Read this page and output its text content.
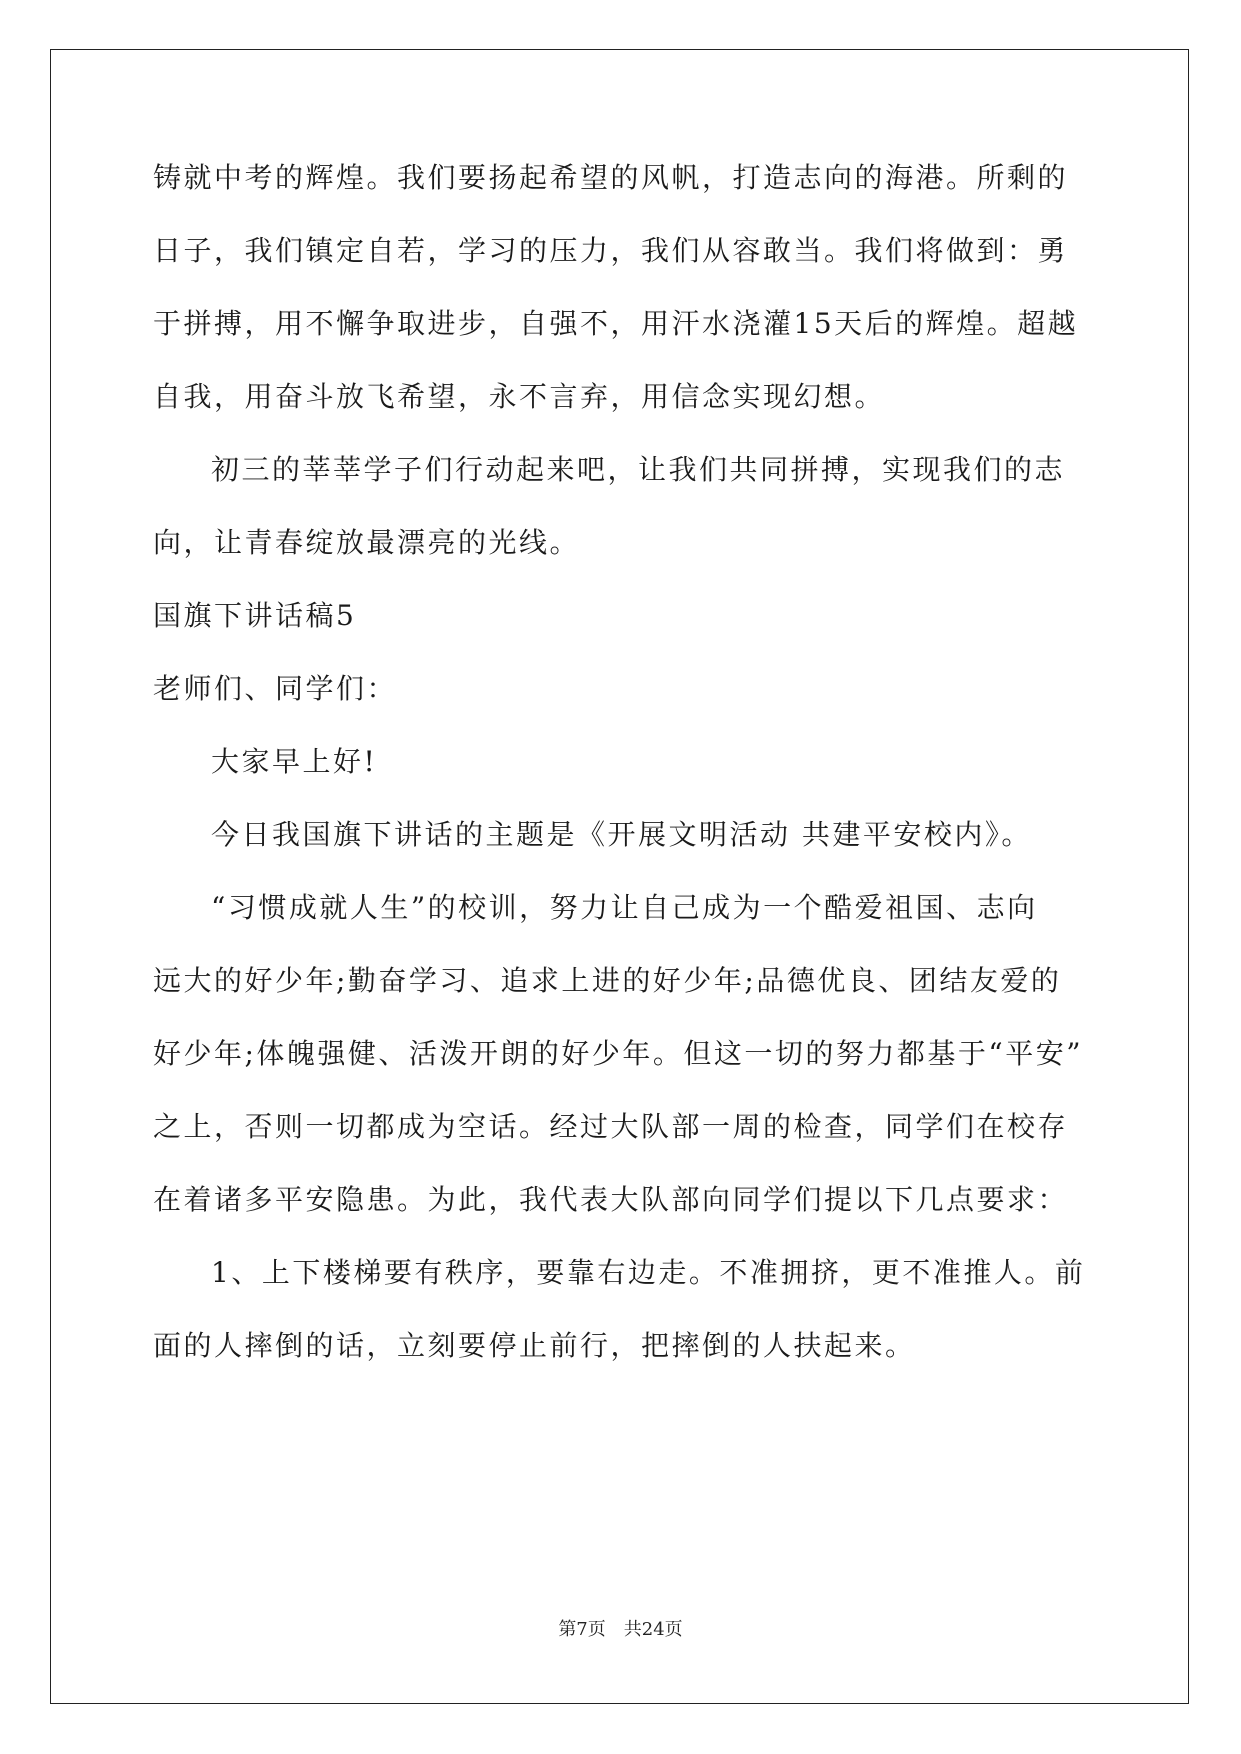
铸就中考的辉煌。我们要扬起希望的风帆，打造志向的海港。所剩的
日子，我们镇定自若，学习的压力，我们从容敢当。我们将做到：勇
于拼搏，用不懈争取进步，自强不，用汗水浇灌15天后的辉煌。超越
自我，用奋斗放飞希望，永不言弃，用信念实现幻想。
初三的莘莘学子们行动起来吧，让我们共同拼搏，实现我们的志
向，让青春绽放最漂亮的光线。
国旗下讲话稿5
老师们、同学们：
大家早上好!
今日我国旗下讲话的主题是《开展文明活动 共建平安校内》。
“习惯成就人生”的校训，努力让自己成为一个酷爱祖国、志向
远大的好少年;勤奋学习、追求上进的好少年;品德优良、团结友爱的
好少年;体魄强健、活泼开朗的好少年。但这一切的努力都基于“平安”
之上，否则一切都成为空话。经过大队部一周的检查，同学们在校存
在着诸多平安隐患。为此，我代表大队部向同学们提以下几点要求：
1、上下楼梯要有秩序，要靠右边走。不准拥挤，更不准推人。前
面的人摔倒的话，立刻要停止前行，把摔倒的人扶起来。
第7页　共24页
